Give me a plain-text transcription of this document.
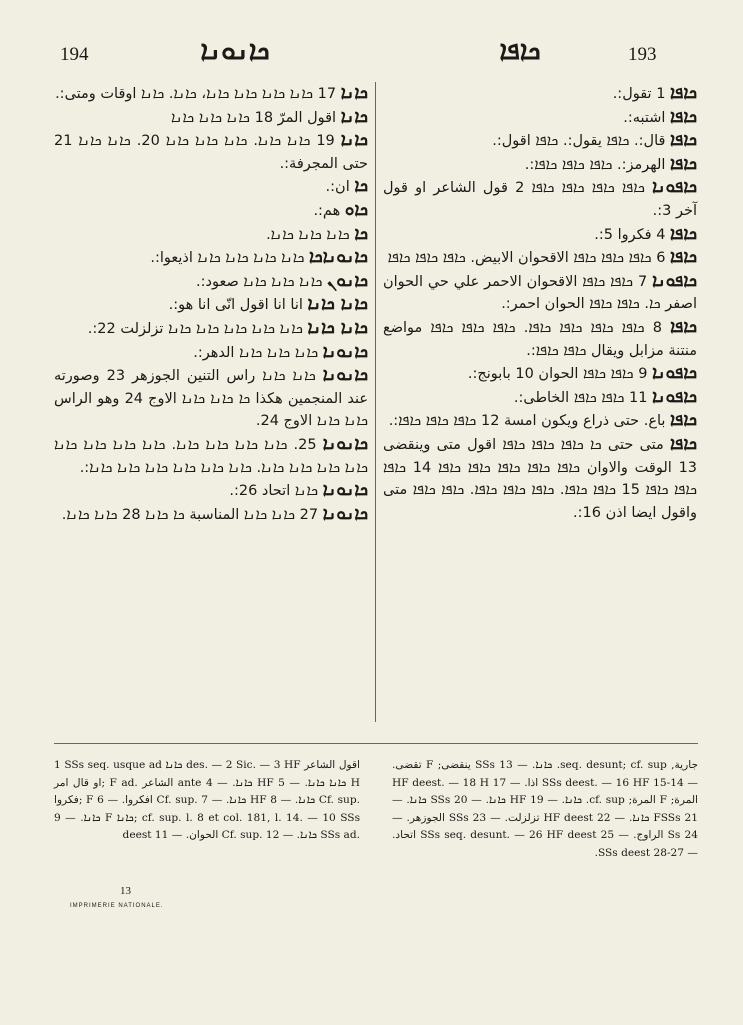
194	ܟܐܢܘܢܐ	ܟܐܦܐ	193

ܟܐܢܐ 17 ܟܐܢܐ ܟܐܢܐ ܟܐܢܐ ܟܐܢܐ، ܟܐܢܐ. ܟܐܢܐ اوقات ومتى:.

ܟܐܢܐ اقول المرّ 18 ܟܐܢܐ ܟܐܢܐ ܟܐܢܐ

ܟܐܢܐ 19 ܟܐܢܐ ܟܐܢܐ. ܟܐܢܐ ܟܐܢܐ ܟܐܢܐ 20. ܟܐܢܐ ܟܐܢܐ 21 حتى المجرفة:.

ܟܐ ان:.

ܟܐܘ هم:.

ܟܐ ܟܐܢܐ ܟܐܢܐ ܟܐܢܐ.

ܟܐܢܘܢܐܟܐ ܟܐܢܐ ܟܐܢܐ ܟܐܢܐ ܟܐܢܐ اذيعوا:.

ܟܐܢܘܢ ܟܐܢܐ ܟܐܢܐ ܟܐܢܐ صعود:.

ܟܐܢܐ ܟܐܢܐ انا انا اقول انّى انا هو:.

ܟܐܢܐ ܟܐܢܐ ܟܐܢܐ ܟܐܢܐ ܟܐܢܐ ܟܐܢܐ ܟܐܢܐ تزلزلت 22:.

ܟܐܢܘܢܐ ܟܐܢܐ ܟܐܢܐ ܟܐܢܐ الدهر:.

ܟܐܢܘܢܐ ܟܐܢܐ ܟܐܢܐ راس التنين الجوزهر 23 وصورته عند المنجمين هكذا ܟܐ ܟܐܢܐ ܟܐܢܐ الاوج 24 وهو الراس ܟܐܢܐ ܟܐܢܐ الاوج 24.

ܟܐܢܘܢܐ 25. ܟܐܢܐ ܟܐܢܐ ܟܐܢܐ ܟܐܢܐ. ܟܐܢܐ ܟܐܢܐ ܟܐܢܐ ܟܐܢܐ ܟܐܢܐ ܟܐܢܐ ܟܐܢܐ ܟܐܢܐ. ܟܐܢܐ ܟܐܢܐ ܟܐܢܐ ܟܐܢܐ ܟܐܢܐ ܟܐܢܐ:.

ܟܐܢܘܢܐ ܟܐܢܐ اتحاد 26:.

ܟܐܢܘܢܐ 27 ܟܐܢܐ ܟܐܢܐ المناسبة ܟܐ ܟܐܢܐ 28 ܟܐܢܐ ܟܐܢܐ.

ܟܐܦܐ 1 تقول:.

ܟܐܦܐ اشتبه:.

ܟܐܦܐ قال:. ܟܐܦܐ يقول:. ܟܐܦܐ اقول:.

ܟܐܦܐ الهرمز:. ܟܐܦܐ ܟܐܦܐ ܟܐܦܐ:.

ܟܐܦܘܢܐ ܟܐܦܐ ܟܐܦܐ ܟܐܦܐ ܟܐܦܐ 2 قول الشاعر او قول آخر 3:.

ܟܐܦܐ 4 فكروا 5:.

ܟܐܦܐ 6 ܟܐܦܐ ܟܐܦܐ ܟܐܦܐ الاقحوان الابيض. ܟܐܦܐ ܟܐܦܐ ܟܐܦܐ

ܟܐܦܘܢܐ 7 ܟܐܦܐ ܟܐܦܐ الاقحوان الاحمر علي حي الحوان اصفر ܟܐ. ܟܐܦܐ ܟܐܦܐ الحوان احمر:.

ܟܐܦܐ 8 ܟܐܦܐ ܟܐܦܐ ܟܐܦܐ ܟܐܦܐ. ܟܐܦܐ ܟܐܦܐ ܟܐܦܐ مواضع منتنة مزابل ويقال ܟܐܦܐ ܟܐܦܐ:.

ܟܐܦܘܢܐ 9 ܟܐܦܐ ܟܐܦܐ الحوان 10 بابونج:.

ܟܐܦܘܢܐ 11 ܟܐܦܐ ܟܐܦܐ الخاطى:.

ܟܐܦܐ باع. حتى ذراع ويكون امسة 12 ܟܐܦܐ ܟܐܦܐ ܟܐܦܐ:.

ܟܐܦܐ متى حتى ܟܐ ܟܐܦܐ ܟܐܦܐ ܟܐܦܐ اقول متى وينقضى 13 الوقت والاوان ܟܐܦܐ ܟܐܦܐ ܟܐܦܐ ܟܐܦܐ ܟܐܦܐ 14 ܟܐܦܐ ܟܐܦܐ ܟܐܦܐ 15 ܟܐܦܐ ܟܐܦܐ. ܟܐܦܐ ܟܐܦܐ ܟܐܦܐ. ܟܐܦܐ ܟܐܦܐ متى واقول ايضا اذن 16:.

1 SSs seq. usque ad ܟܐܢܐ des. — 2 Sic. — 3 HF اقول الشاعر او قال امر; F ad. الشاعر ante ܟܐܢܐ. — 4 HF ܟܐܢܐ ܟܐܢܐ. — 5 H فكروا; F افكروا. — 6 Cf. sup. ܟܐܢܐ. — 7 HF ܟܐܢܐ. — 8 Cf. sup. ܟܐܢܐ. — 9 F ܟܐܢܐ; cf. sup. l. 8 et col. 181, l. 14. — 10 SSs deest الحوان. — 11 Cf. sup. ܟܐܢܐ. — 12 SSs ad.
جارية, seq. desunt; cf. sup. ܟܐܢܐ. — 13 SSs ينقضى; F تقضى. — 14-15 SSs deest. — 16 HF اذا. — 17 HF deest. — 18 H المرة; F المرة; cf. sup. ܟܐܢܐ. — 19 HF ܟܐܢܐ. — 20 SSs ܟܐܢܐ. — 21 FSSs ܟܐܢܐ. — 22 HF deest تزلزلت. — 23 SSs الجوزهر. — 24 Ss الراوج. — 25 SSs seq. desunt. — 26 HF deest اتحاد. — 27-28 SSs deest.
13
IMPRIMERIE NATIONALE.
